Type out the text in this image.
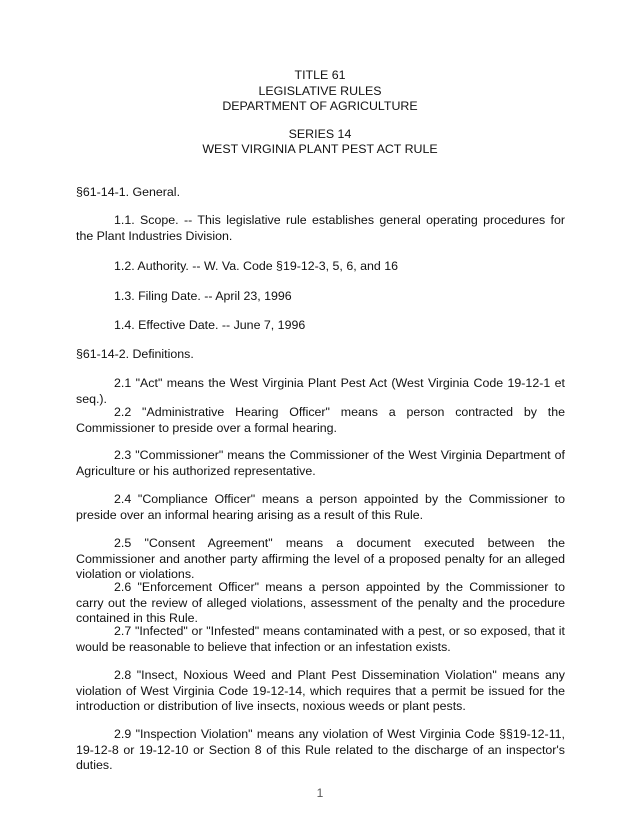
TITLE 61
LEGISLATIVE RULES
DEPARTMENT OF AGRICULTURE
SERIES 14
WEST VIRGINIA PLANT PEST ACT RULE
§61-14-1. General.
1.1. Scope. -- This legislative rule establishes general operating procedures for the Plant Industries Division.
1.2. Authority. -- W. Va. Code §19-12-3, 5, 6, and 16
1.3. Filing Date. -- April 23, 1996
1.4. Effective Date. -- June 7, 1996
§61-14-2. Definitions.
2.1 "Act" means the West Virginia Plant Pest Act (West Virginia Code 19-12-1 et seq.).
2.2 "Administrative Hearing Officer" means a person contracted by the Commissioner to preside over a formal hearing.
2.3 "Commissioner" means the Commissioner of the West Virginia Department of Agriculture or his authorized representative.
2.4 "Compliance Officer" means a person appointed by the Commissioner to preside over an informal hearing arising as a result of this Rule.
2.5 "Consent Agreement" means a document executed between the Commissioner and another party affirming the level of a proposed penalty for an alleged violation or violations.
2.6 "Enforcement Officer" means a person appointed by the Commissioner to carry out the review of alleged violations, assessment of the penalty and the procedure contained in this Rule.
2.7 "Infected" or "Infested" means contaminated with a pest, or so exposed, that it would be reasonable to believe that infection or an infestation exists.
2.8 "Insect, Noxious Weed and Plant Pest Dissemination Violation" means any violation of West Virginia Code 19-12-14, which requires that a permit be issued for the introduction or distribution of live insects, noxious weeds or plant pests.
2.9 "Inspection Violation" means any violation of West Virginia Code §§19-12-11, 19-12-8 or 19-12-10 or Section 8 of this Rule related to the discharge of an inspector's duties.
1
